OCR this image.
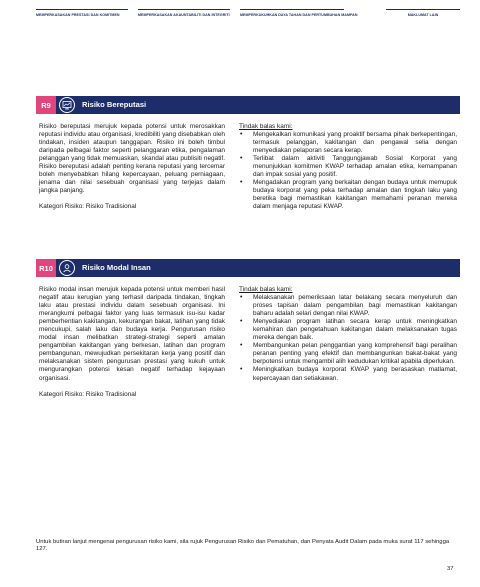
MEMPERKASAKAN PRESTASI DAN KOMITMEN	MEMPERKASAKAN AKAUNTABILITI DAN INTEGRITI	MEMPERKUKUHKAN DAYA TAHAN DAN PERTUMBUHAN MAMPAN	MAKLUMAT LAIN
R9	Risiko Bereputasi

Risiko bereputasi merujuk kepada potensi untuk merosakkan reputasi individu atau organisasi, kredibiliti yang disebabkan oleh tindakan, insiden ataupun tanggapan. Risiko ini boleh timbul daripada pelbagai faktor seperti pelanggaran etika, pengalaman pelanggan yang tidak memuaskan, skandal atau publisiti negatif. Risiko bereputasi adalah penting kerana reputasi yang tercemar boleh menyebabkan hilang kepercayaan, peluang perniagaan, jenama dan nilai sesebuah organisasi yang terjejas dalam jangka panjang.

Kategori Risiko: Risiko Tradisional

Tindak balas kami:
• Mengekalkan komunikasi yang proaktif bersama pihak berkepentingan, termasuk pelanggan, kakitangan dan pengawal selia dengan menyediakan pelaporan secara kerap.
• Terlibat dalam aktiviti Tanggungjawab Sosial Korporat yang menunjukkan komitmen KWAP terhadap amalan etika, kemampanan dan impak sosial yang positif.
• Mengadakan program yang berkaitan dengan budaya untuk memupuk budaya korporat yang peka terhadap amalan dan tingkah laku yang beretika bagi memastikan kakitangan memahami peranan mereka dalam menjaga reputasi KWAP.
R10	Risiko Modal Insan

Risiko modal insan merujuk kepada potensi untuk memberi hasil negatif atau kerugian yang terhasil daripada tindakan, tingkah laku atau prestasi individu dalam sesebuah organisasi. Ini merangkumi pelbagai faktor yang luas termasuk isu-isu kadar pemberhentian kakitangan, kekurangan bakat, latihan yang tidak mencukupi, salah laku dan budaya kerja. Pengurusan risiko modal insan melibatkan strategi-strategi seperti amalan pengambilan kakitangan yang berkesan, latihan dan program pembangunan, mewujudkan persekitaran kerja yang positif dan melaksanakan sistem pengurusan prestasi yang kukuh untuk mengurangkan potensi kesan negatif terhadap kejayaan organisasi.

Kategori Risiko: Risiko Tradisional

Tindak balas kami:
• Melaksanakan pemeriksaan latar belakang secara menyeluruh dan proses tapisan dalam pengambilan bagi memastikan kakitangan baharu adalah selari dengan nilai KWAP.
• Menyediakan program latihan secara kerap untuk meningkatkan kemahiran dan pengetahuan kakitangan dalam melaksanakan tugas mereka dengan baik.
• Membangunkan pelan penggantian yang komprehensif bagi peralihan peranan penting yang efektif dan membangunkan bakat-bakat yang berpotensi untuk mengambil alih kedudukan kritikal apabila diperlukan.
• Meningkatkan budaya korporat KWAP yang berasaskan matlamat, kepercayaan dan setiakawan.
Untuk butiran lanjut mengenai pengurusan risiko kami, sila rujuk Pengurusan Risiko dan Pematuhan, dan Penyata Audit Dalam pada muka surat 117 sehingga 127.
37
